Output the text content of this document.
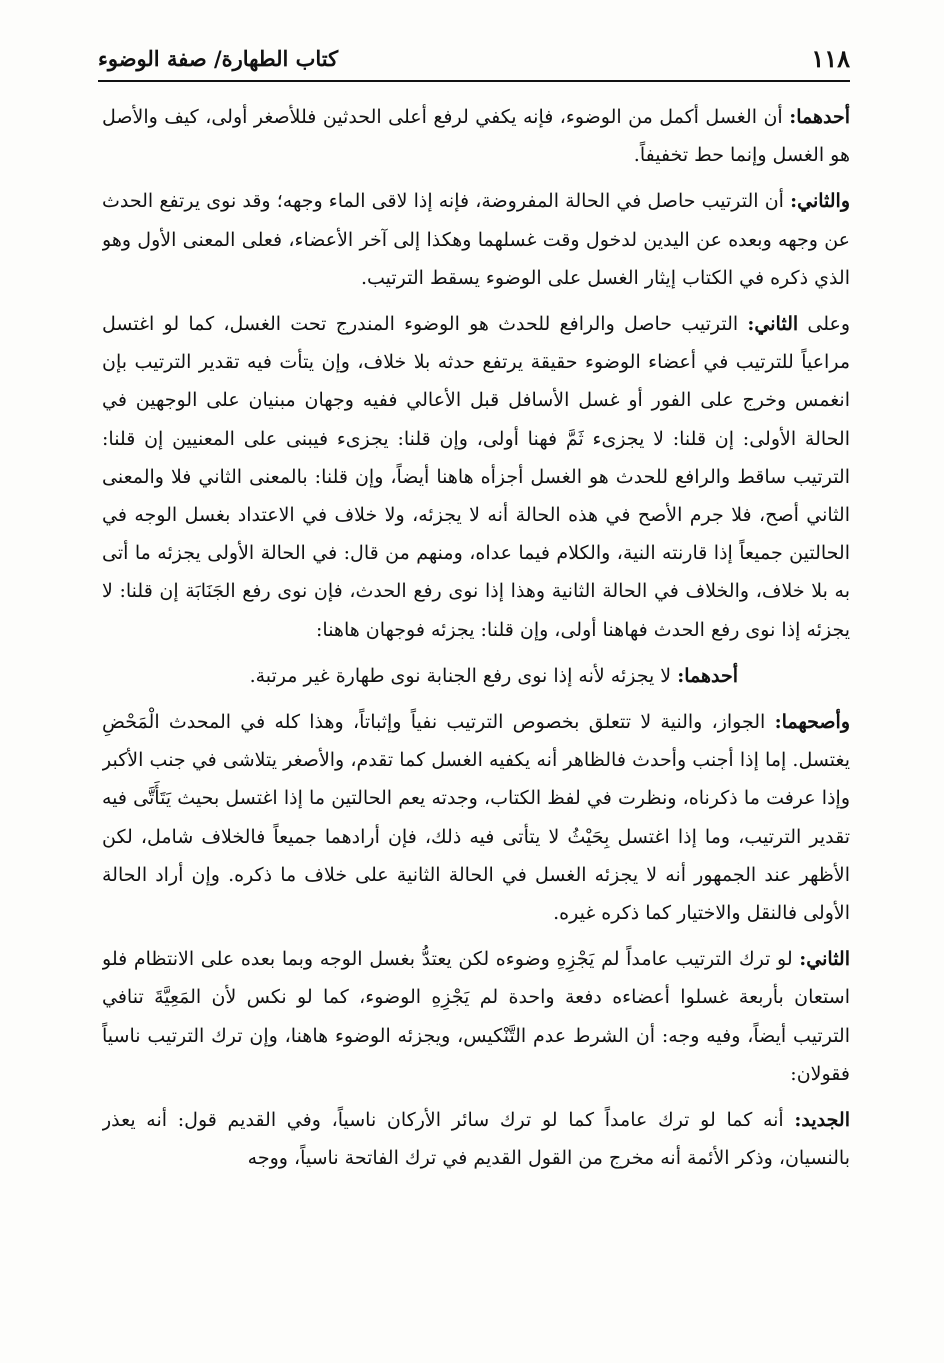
١١٨
كتاب الطهارة/ صفة الوضوء

أحدهما: أن الغسل أكمل من الوضوء، فإنه يكفي لرفع أعلى الحدثين فللأصغر أولى، كيف والأصل هو الغسل وإنما حط تخفيفاً.

والثاني: أن الترتيب حاصل في الحالة المفروضة، فإنه إذا لاقى الماء وجهه؛ وقد نوى يرتفع الحدث عن وجهه وبعده عن اليدين لدخول وقت غسلهما وهكذا إلى آخر الأعضاء، فعلى المعنى الأول وهو الذي ذكره في الكتاب إيثار الغسل على الوضوء يسقط الترتيب.

وعلى الثاني: الترتيب حاصل والرافع للحدث هو الوضوء المندرج تحت الغسل، كما لو اغتسل مراعياً للترتيب في أعضاء الوضوء حقيقة يرتفع حدثه بلا خلاف، وإن يتأت فيه تقدير الترتيب بإن انغمس وخرج على الفور أو غسل الأسافل قبل الأعالي ففيه وجهان مبنيان على الوجهين في الحالة الأولى: إن قلنا: لا يجزىء ثَمَّ فهنا أولى، وإن قلنا: يجزىء فيبنى على المعنيين إن قلنا: الترتيب ساقط والرافع للحدث هو الغسل أجزأه هاهنا أيضاً، وإن قلنا: بالمعنى الثاني فلا والمعنى الثاني أصح، فلا جرم الأصح في هذه الحالة أنه لا يجزئه، ولا خلاف في الاعتداد بغسل الوجه في الحالتين جميعاً إذا قارنته النية، والكلام فيما عداه، ومنهم من قال: في الحالة الأولى يجزئه ما أتى به بلا خلاف، والخلاف في الحالة الثانية وهذا إذا نوى رفع الحدث، فإن نوى رفع الجَنَابَة إن قلنا: لا يجزئه إذا نوى رفع الحدث فهاهنا أولى، وإن قلنا: يجزئه فوجهان هاهنا:

أحدهما: لا يجزئه لأنه إذا نوى رفع الجنابة نوى طهارة غير مرتبة.

وأصحهما: الجواز، والنية لا تتعلق بخصوص الترتيب نفياً وإثباتاً، وهذا كله في المحدث الْمَحْضِ يغتسل. إما إذا أجنب وأحدث فالظاهر أنه يكفيه الغسل كما تقدم، والأصغر يتلاشى في جنب الأكبر وإذا عرفت ما ذكرناه، ونظرت في لفظ الكتاب، وجدته يعم الحالتين ما إذا اغتسل بحيث يَتَأَتَّى فيه تقدير الترتيب، وما إذا اغتسل بِحَيْثُ لا يتأتى فيه ذلك، فإن أرادهما جميعاً فالخلاف شامل، لكن الأظهر عند الجمهور أنه لا يجزئه الغسل في الحالة الثانية على خلاف ما ذكره. وإن أراد الحالة الأولى فالنقل والاختيار كما ذكره غيره.

الثاني: لو ترك الترتيب عامداً لم يَجْزِهِ وضوءه لكن يعتدُّ بغسل الوجه وبما بعده على الانتظام فلو استعان بأربعة غسلوا أعضاءه دفعة واحدة لم يَجْزِهِ الوضوء، كما لو نكس لأن المَعِيَّةَ تنافي الترتيب أيضاً، وفيه وجه: أن الشرط عدم التَّنْكيس، ويجزئه الوضوء هاهنا، وإن ترك الترتيب ناسياً فقولان:

الجديد: أنه كما لو ترك عامداً كما لو ترك سائر الأركان ناسياً، وفي القديم قول: أنه يعذر بالنسيان، وذكر الأئمة أنه مخرج من القول القديم في ترك الفاتحة ناسياً، ووجه
